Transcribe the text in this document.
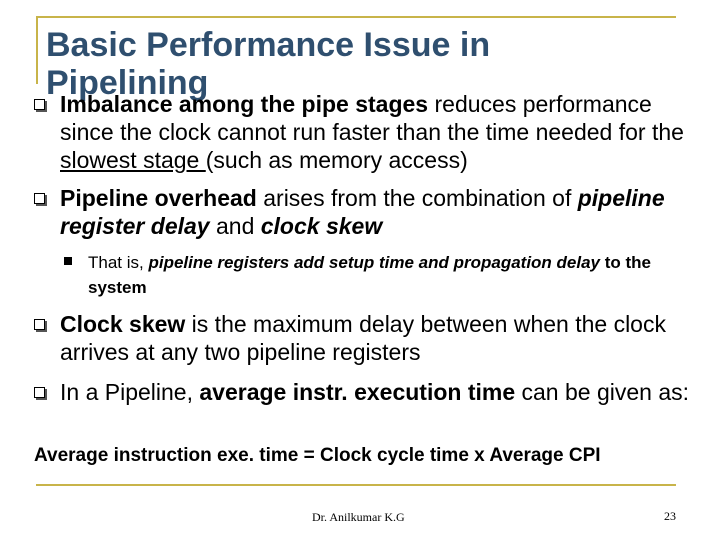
Basic Performance Issue in
Pipelining
Imbalance among the pipe stages reduces performance since the clock cannot run faster than the time needed for the slowest stage (such as memory access)
Pipeline overhead arises from the combination of pipeline register delay and clock skew
That is, pipeline registers add setup time and propagation delay to the system
Clock skew is the maximum delay between when the clock arrives at any two pipeline registers
In a Pipeline, average instr. execution time can be given as:
Average instruction exe. time = Clock cycle time x Average CPI
Dr. Anilkumar K.G	23
